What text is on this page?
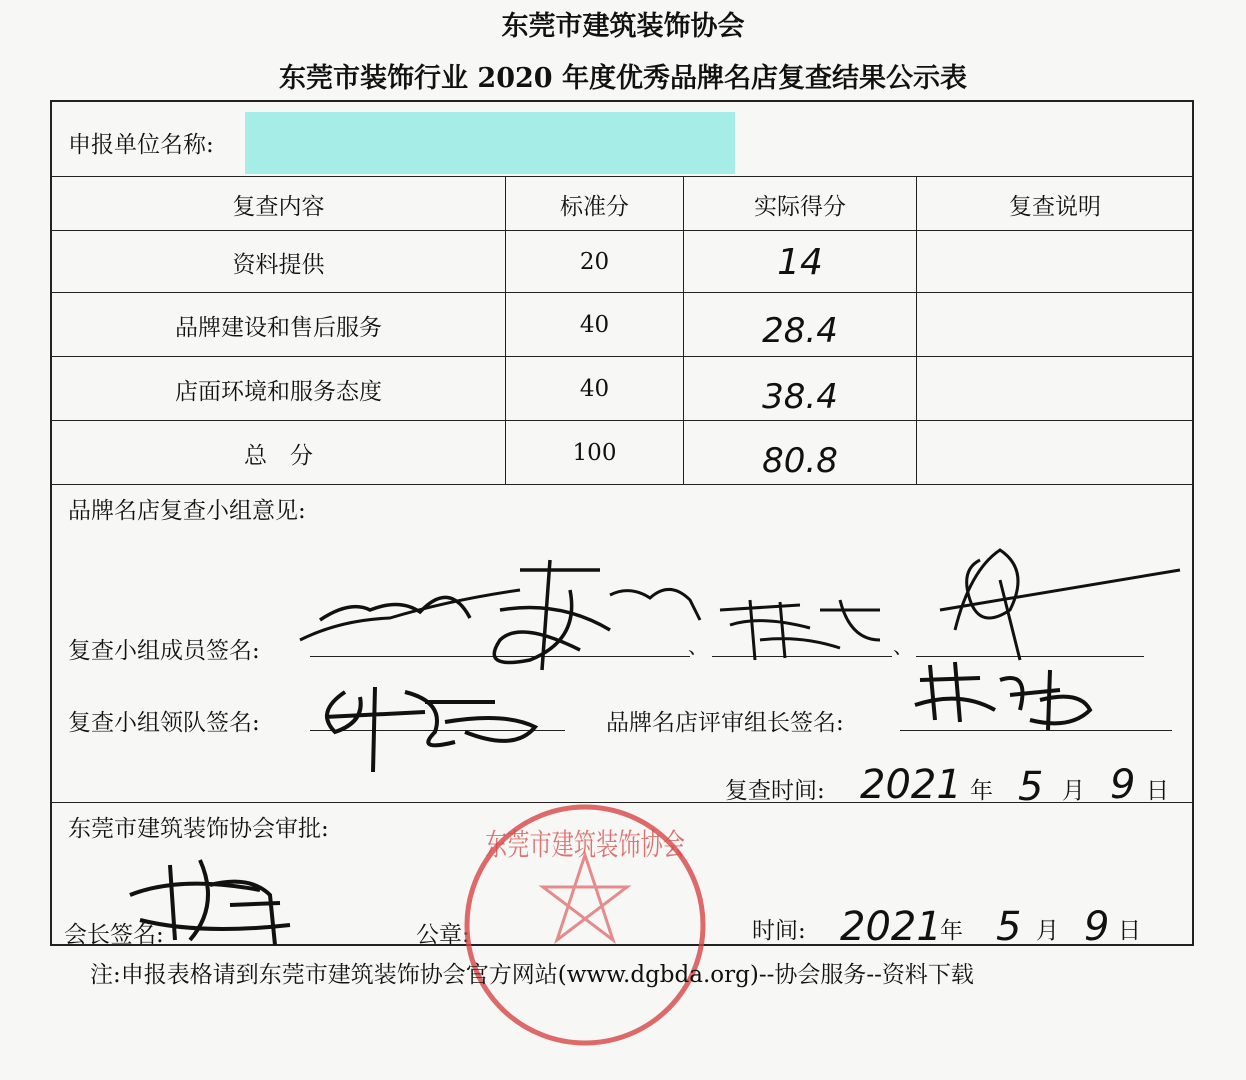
东莞市建筑装饰协会
东莞市装饰行业 2020 年度优秀品牌名店复查结果公示表
申报单位名称:
复查内容	标准分	实际得分	复查说明
资料提供	20	14
品牌建设和售后服务	40	28.4
店面环境和服务态度	40	38.4
总　分	100	80.8
品牌名店复查小组意见:
复查小组成员签名:	、	、
复查小组领队签名:	品牌名店评审组长签名:
复查时间: 2021 年 5 月 9 日
东莞市建筑装饰协会审批:
会长签名:	公章:
东莞市建筑装饰协会
时间: 2021
年 5 月 9 日
注:申报表格请到东莞市建筑装饰协会官方网站(www.dgbda.org)--协会服务--资料下载
